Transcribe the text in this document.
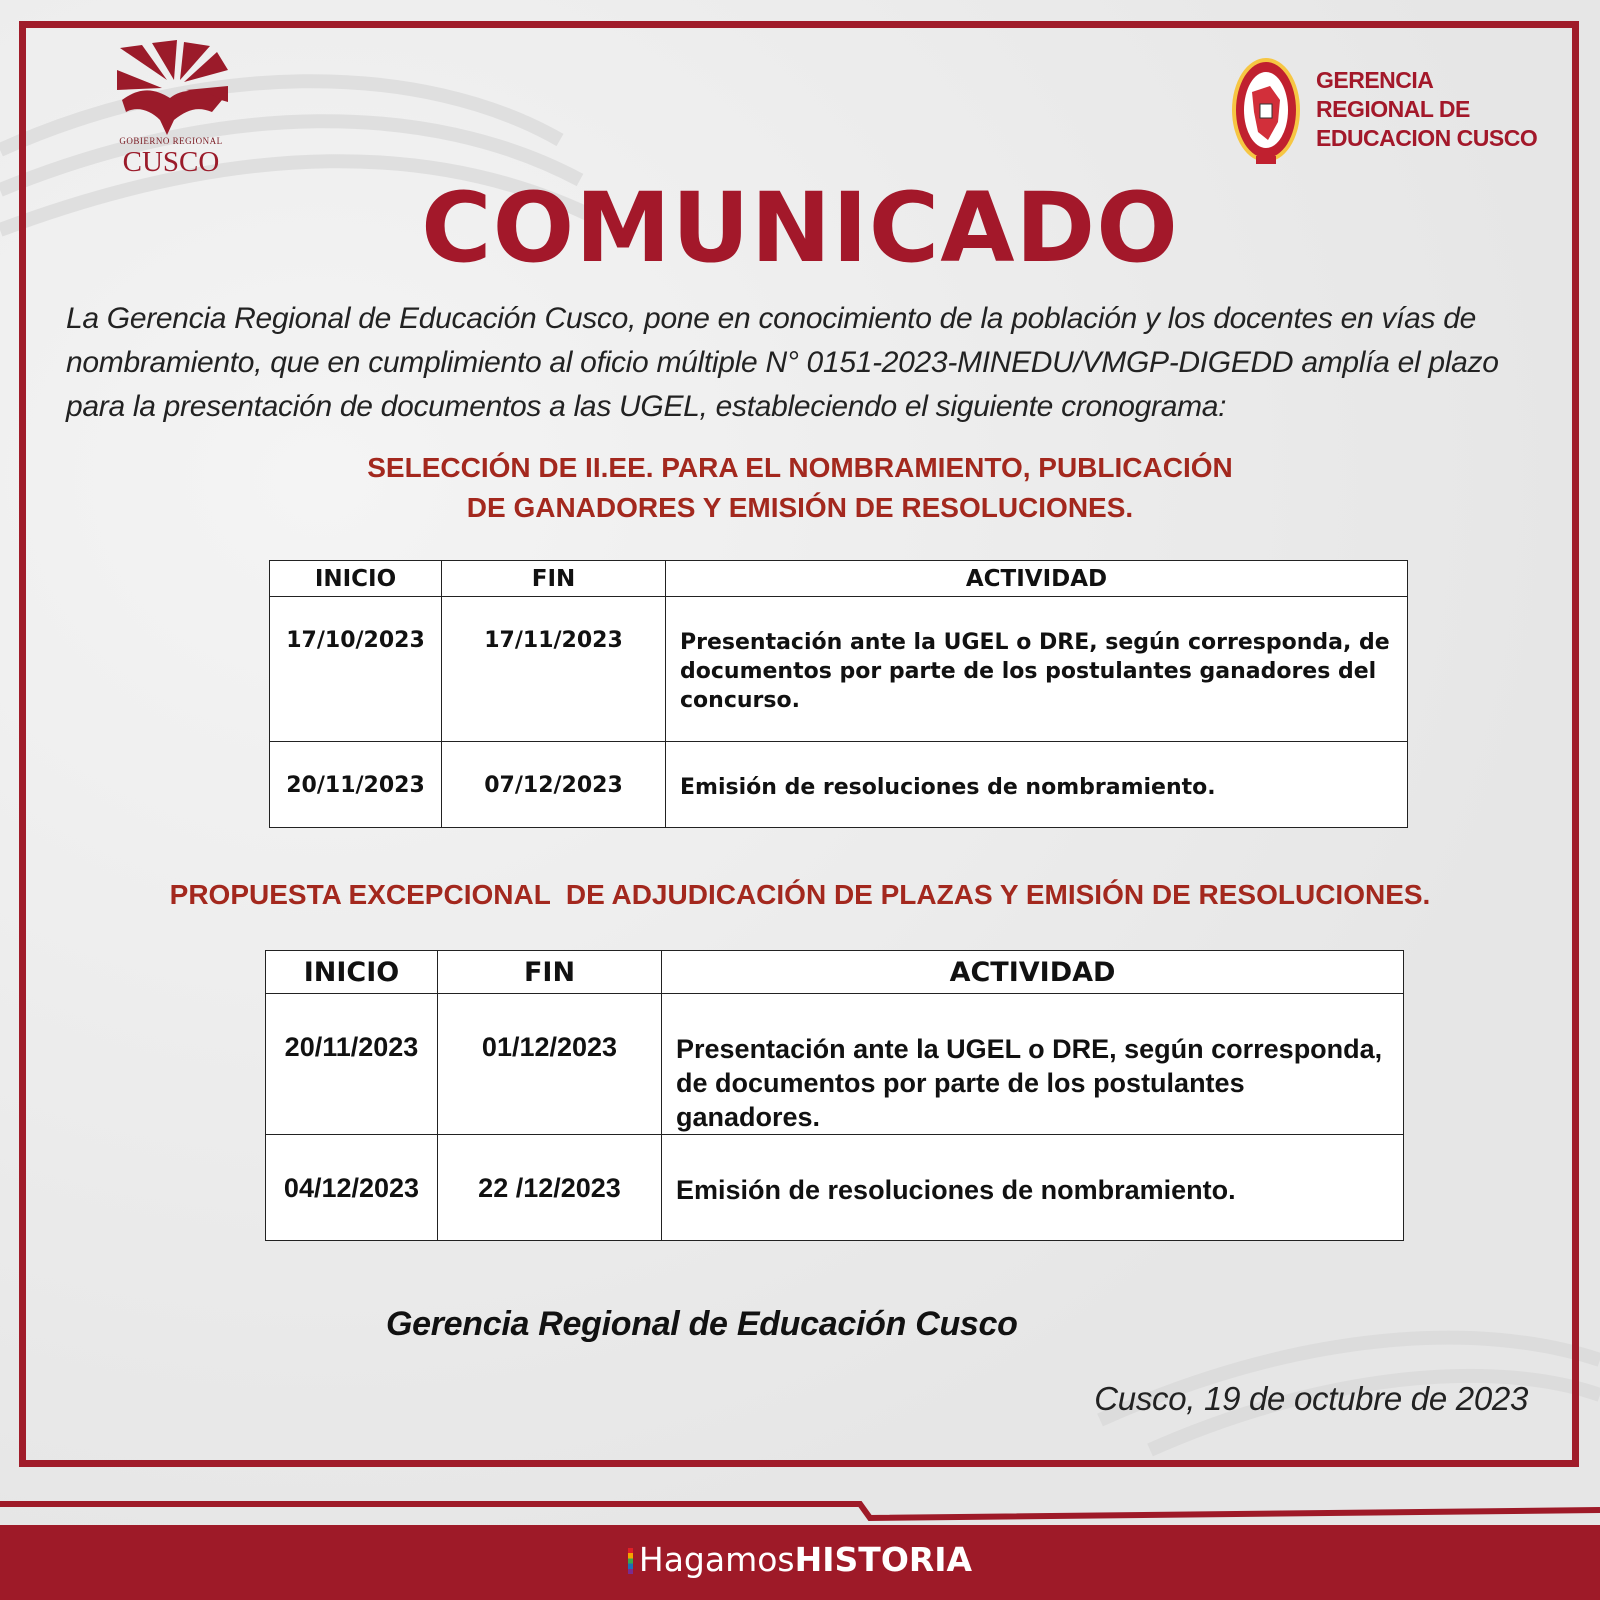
GOBIERNO REGIONAL
CUSCO
GERENCIA
REGIONAL DE
EDUCACION CUSCO
COMUNICADO
La Gerencia Regional de Educación Cusco, pone en conocimiento de la población y los docentes en vías de nombramiento, que en cumplimiento al oficio múltiple N° 0151-2023-MINEDU/VMGP-DIGEDD amplía el plazo para la presentación de documentos a las UGEL, estableciendo el siguiente cronograma:
SELECCIÓN DE II.EE. PARA EL NOMBRAMIENTO, PUBLICACIÓN
DE GANADORES Y EMISIÓN DE RESOLUCIONES.
INICIO	FIN	ACTIVIDAD
17/10/2023	17/11/2023	Presentación ante la UGEL o DRE, según corresponda, de documentos por parte de los postulantes ganadores del concurso.
20/11/2023	07/12/2023	Emisión de resoluciones de nombramiento.
PROPUESTA EXCEPCIONAL  DE ADJUDICACIÓN DE PLAZAS Y EMISIÓN DE RESOLUCIONES.
INICIO	FIN	ACTIVIDAD
20/11/2023	01/12/2023	Presentación ante la UGEL o DRE, según corresponda, de documentos por parte de los postulantes ganadores.
04/12/2023	22 /12/2023	Emisión de resoluciones de nombramiento.
Gerencia Regional de Educación Cusco
Cusco, 19 de octubre de 2023
HagamosHISTORIA
